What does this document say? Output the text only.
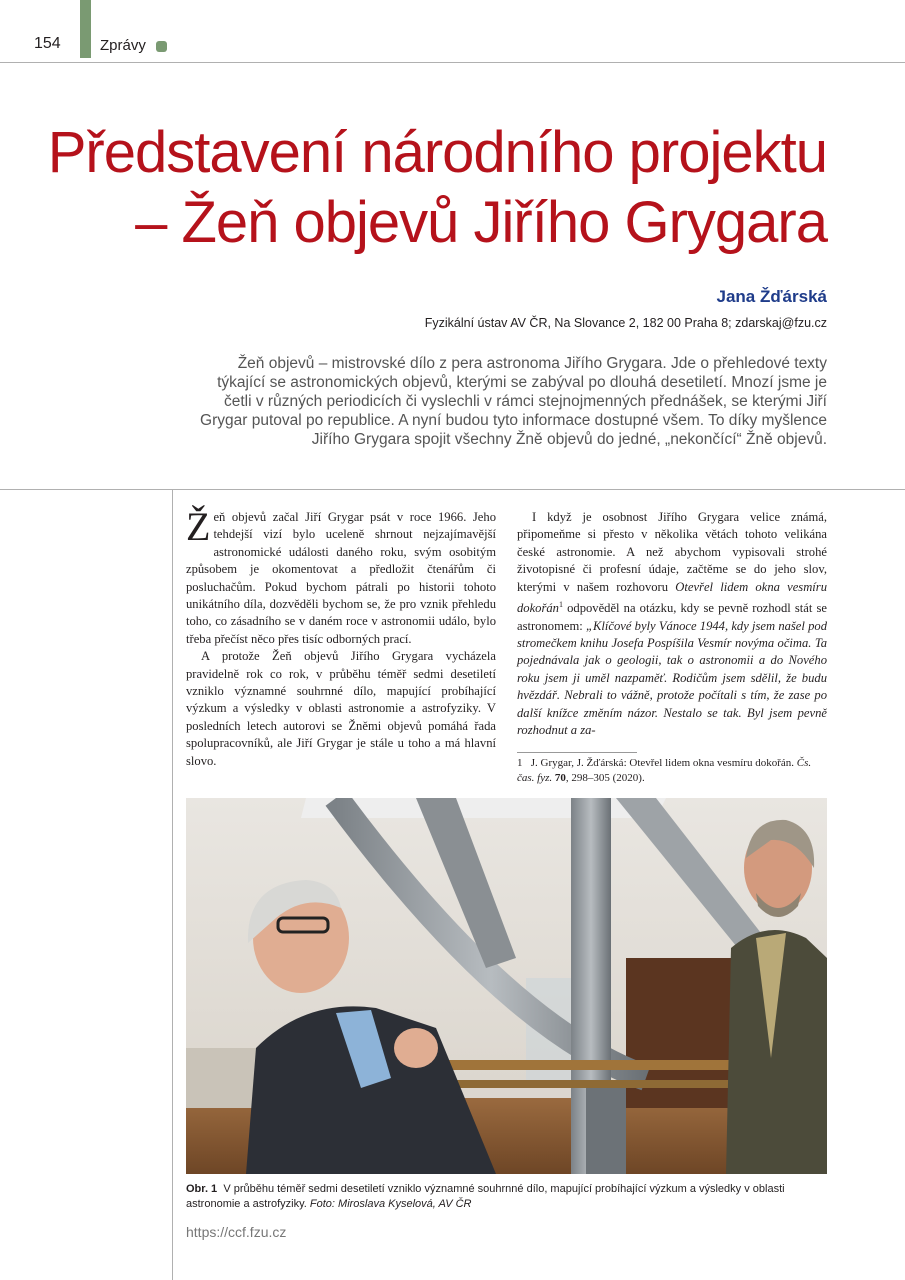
154	Zprávy
Představení národního projektu
– Žeň objevů Jiřího Grygara
Jana Žďárská
Fyzikální ústav AV ČR, Na Slovance 2, 182 00 Praha 8; zdarskaj@fzu.cz

Žeň objevů – mistrovské dílo z pera astronoma Jiřího Grygara. Jde o přehledové texty týkající se astronomických objevů, kterými se zabýval po dlouhá desetiletí. Mnozí jsme je četli v různých periodicích či vyslechli v rámci stejnojmenných přednášek, se kterými Jiří Grygar putoval po republice. A nyní budou tyto informace dostupné všem. To díky myšlence Jiřího Grygara spojit všechny Žně objevů do jedné, „nekončící“ Žně objevů.

Žeň objevů začal Jiří Grygar psát v roce 1966. Jeho tehdejší vizí bylo uceleně shrnout nejzajímavější astronomické události daného roku, svým osobitým způsobem je okomentovat a předložit čtenářům či posluchačům. Pokud bychom pátrali po historii tohoto unikátního díla, dozvěděli bychom se, že pro vznik přehledu toho, co zásadního se v daném roce v astronomii událo, bylo třeba přečíst něco přes tisíc odborných prací.

A protože Žeň objevů Jiřího Grygara vycházela pravidelně rok co rok, v průběhu téměř sedmi desetiletí vzniklo významné souhrnné dílo, mapující probíhající výzkum a výsledky v oblasti astronomie a astrofyziky. V posledních letech autorovi se Žněmi objevů pomáhá řada spolupracovníků, ale Jiří Grygar je stále u toho a má hlavní slovo.

I když je osobnost Jiřího Grygara velice známá, připomeňme si přesto v několika větách tohoto velikána české astronomie. A než abychom vypisovali strohé životopisné či profesní údaje, začtěme se do jeho slov, kterými v našem rozhovoru Otevřel lidem okna vesmíru dokořán$^1$ odpověděl na otázku, kdy se pevně rozhodl stát se astronomem: „Klíčové byly Vánoce 1944, kdy jsem našel pod stromečkem knihu Josefa Pospíšila Vesmír novýma očima. Ta pojednávala jak o geologii, tak o astronomii a do Nového roku jsem ji uměl nazpaměť. Rodičům jsem sdělil, že budu hvězdář. Nebrali to vážně, protože počítali s tím, že zase po další knížce změním názor. Nestalo se tak. Byl jsem pevně rozhodnut a za-

1 J. Grygar, J. Žďárská: Otevřel lidem okna vesmíru dokořán. Čs. čas. fyz. 70, 298–305 (2020).

Obr. 1 V průběhu téměř sedmi desetiletí vzniklo významné souhrnné dílo, mapující probíhající výzkum a výsledky v oblasti astronomie a astrofyziky. Foto: Miroslava Kyselová, AV ČR

https://ccf.fzu.cz
